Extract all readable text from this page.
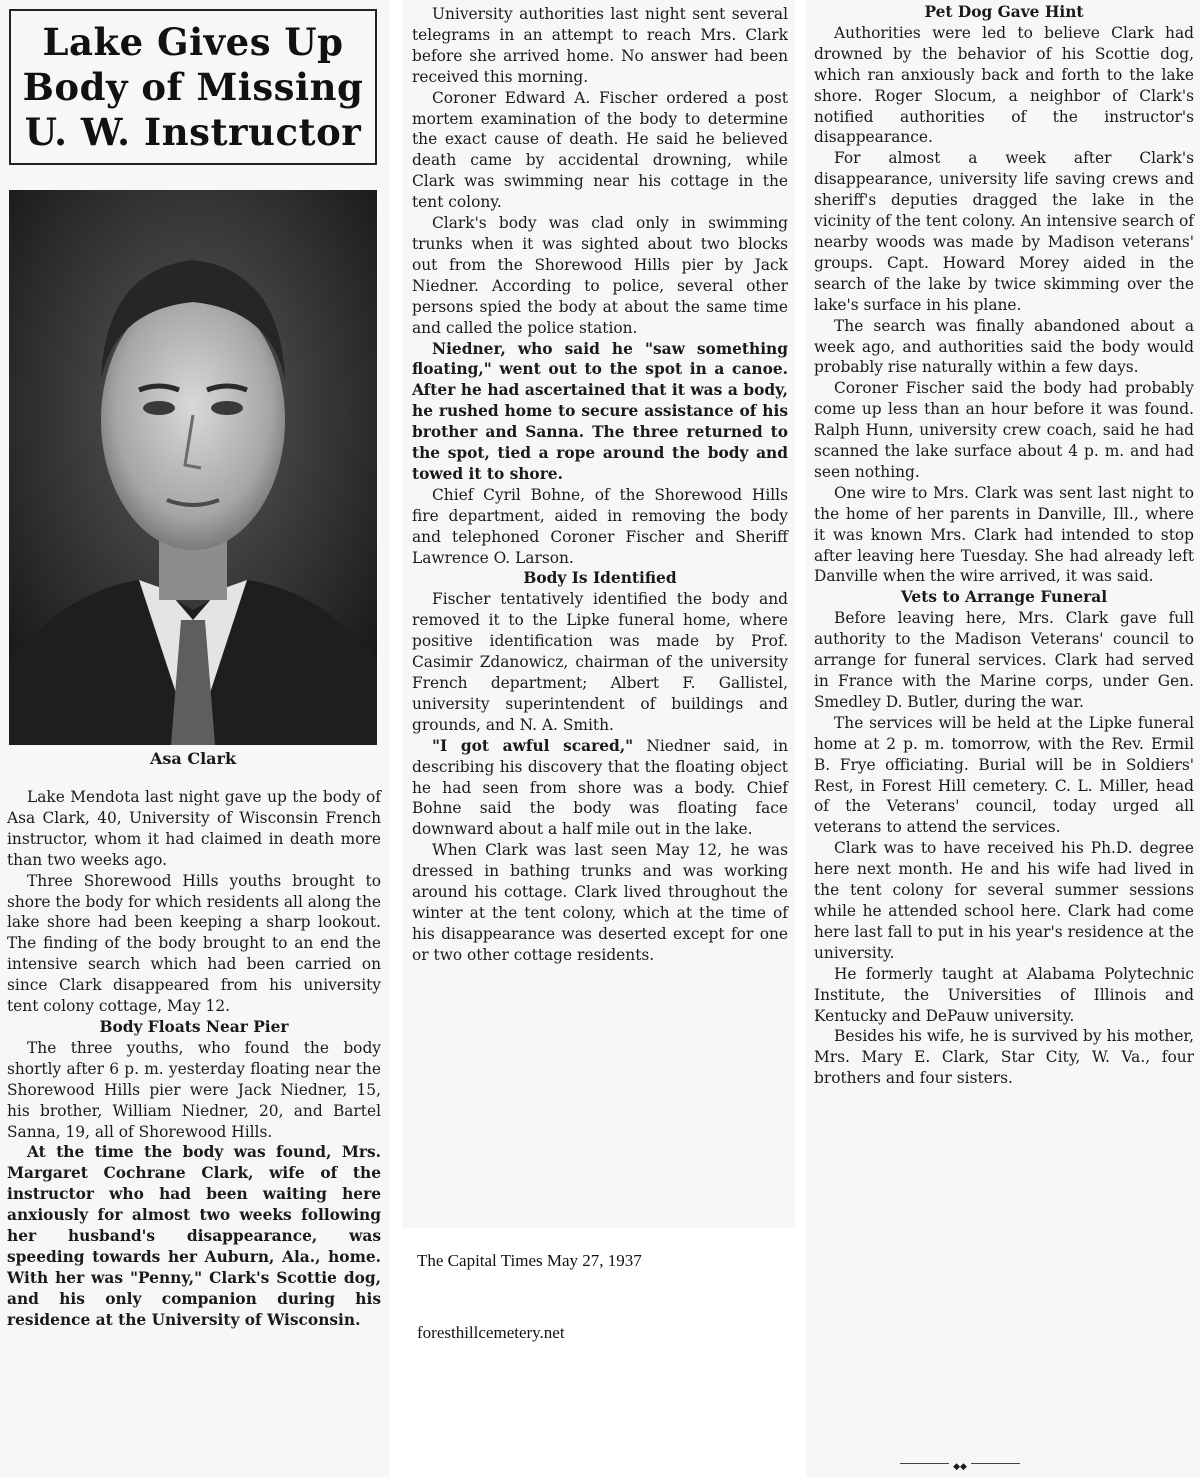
Lake Gives Up
Body of Missing
U. W. Instructor
Asa Clark

Lake Mendota last night gave up the body of Asa Clark, 40, University of Wisconsin French instructor, whom it had claimed in death more than two weeks ago.

Three Shorewood Hills youths brought to shore the body for which residents all along the lake shore had been keeping a sharp lookout. The finding of the body brought to an end the intensive search which had been carried on since Clark disappeared from his university tent colony cottage, May 12.

Body Floats Near Pier

The three youths, who found the body shortly after 6 p. m. yesterday floating near the Shorewood Hills pier were Jack Niedner, 15, his brother, William Niedner, 20, and Bartel Sanna, 19, all of Shorewood Hills.

At the time the body was found, Mrs. Margaret Cochrane Clark, wife of the instructor who had been waiting here anxiously for almost two weeks following her husband's disappearance, was speeding towards her Auburn, Ala., home. With her was "Penny," Clark's Scottie dog, and his only companion during his residence at the University of Wisconsin.

University authorities last night sent several telegrams in an attempt to reach Mrs. Clark before she arrived home. No answer had been received this morning.

Coroner Edward A. Fischer ordered a post mortem examination of the body to determine the exact cause of death. He said he believed death came by accidental drowning, while Clark was swimming near his cottage in the tent colony.

Clark's body was clad only in swimming trunks when it was sighted about two blocks out from the Shorewood Hills pier by Jack Niedner. According to police, several other persons spied the body at about the same time and called the police station.

Niedner, who said he "saw something floating," went out to the spot in a canoe. After he had ascertained that it was a body, he rushed home to secure assistance of his brother and Sanna. The three returned to the spot, tied a rope around the body and towed it to shore.

Chief Cyril Bohne, of the Shorewood Hills fire department, aided in removing the body and telephoned Coroner Fischer and Sheriff Lawrence O. Larson.

Body Is Identified

Fischer tentatively identified the body and removed it to the Lipke funeral home, where positive identification was made by Prof. Casimir Zdanowicz, chairman of the university French department; Albert F. Gallistel, university superintendent of buildings and grounds, and N. A. Smith.

"I got awful scared," Niedner said, in describing his discovery that the floating object he had seen from shore was a body. Chief Bohne said the body was floating face downward about a half mile out in the lake.

When Clark was last seen May 12, he was dressed in bathing trunks and was working around his cottage. Clark lived throughout the winter at the tent colony, which at the time of his disappearance was deserted except for one or two other cottage residents.

The Capital Times May 27, 1937
foresthillcemetery.net

Pet Dog Gave Hint

Authorities were led to believe Clark had drowned by the behavior of his Scottie dog, which ran anxiously back and forth to the lake shore. Roger Slocum, a neighbor of Clark's notified authorities of the instructor's disappearance.

For almost a week after Clark's disappearance, university life saving crews and sheriff's deputies dragged the lake in the vicinity of the tent colony. An intensive search of nearby woods was made by Madison veterans' groups. Capt. Howard Morey aided in the search of the lake by twice skimming over the lake's surface in his plane.

The search was finally abandoned about a week ago, and authorities said the body would probably rise naturally within a few days.

Coroner Fischer said the body had probably come up less than an hour before it was found. Ralph Hunn, university crew coach, said he had scanned the lake surface about 4 p. m. and had seen nothing.

One wire to Mrs. Clark was sent last night to the home of her parents in Danville, Ill., where it was known Mrs. Clark had intended to stop after leaving here Tuesday. She had already left Danville when the wire arrived, it was said.

Vets to Arrange Funeral

Before leaving here, Mrs. Clark gave full authority to the Madison Veterans' council to arrange for funeral services. Clark had served in France with the Marine corps, under Gen. Smedley D. Butler, during the war.

The services will be held at the Lipke funeral home at 2 p. m. tomorrow, with the Rev. Ermil B. Frye officiating. Burial will be in Soldiers' Rest, in Forest Hill cemetery. C. L. Miller, head of the Veterans' council, today urged all veterans to attend the services.

Clark was to have received his Ph.D. degree here next month. He and his wife had lived in the tent colony for several summer sessions while he attended school here. Clark had come here last fall to put in his year's residence at the university.

He formerly taught at Alabama Polytechnic Institute, the Universities of Illinois and Kentucky and DePauw university.

Besides his wife, he is survived by his mother, Mrs. Mary E. Clark, Star City, W. Va., four brothers and four sisters.

◆◆
